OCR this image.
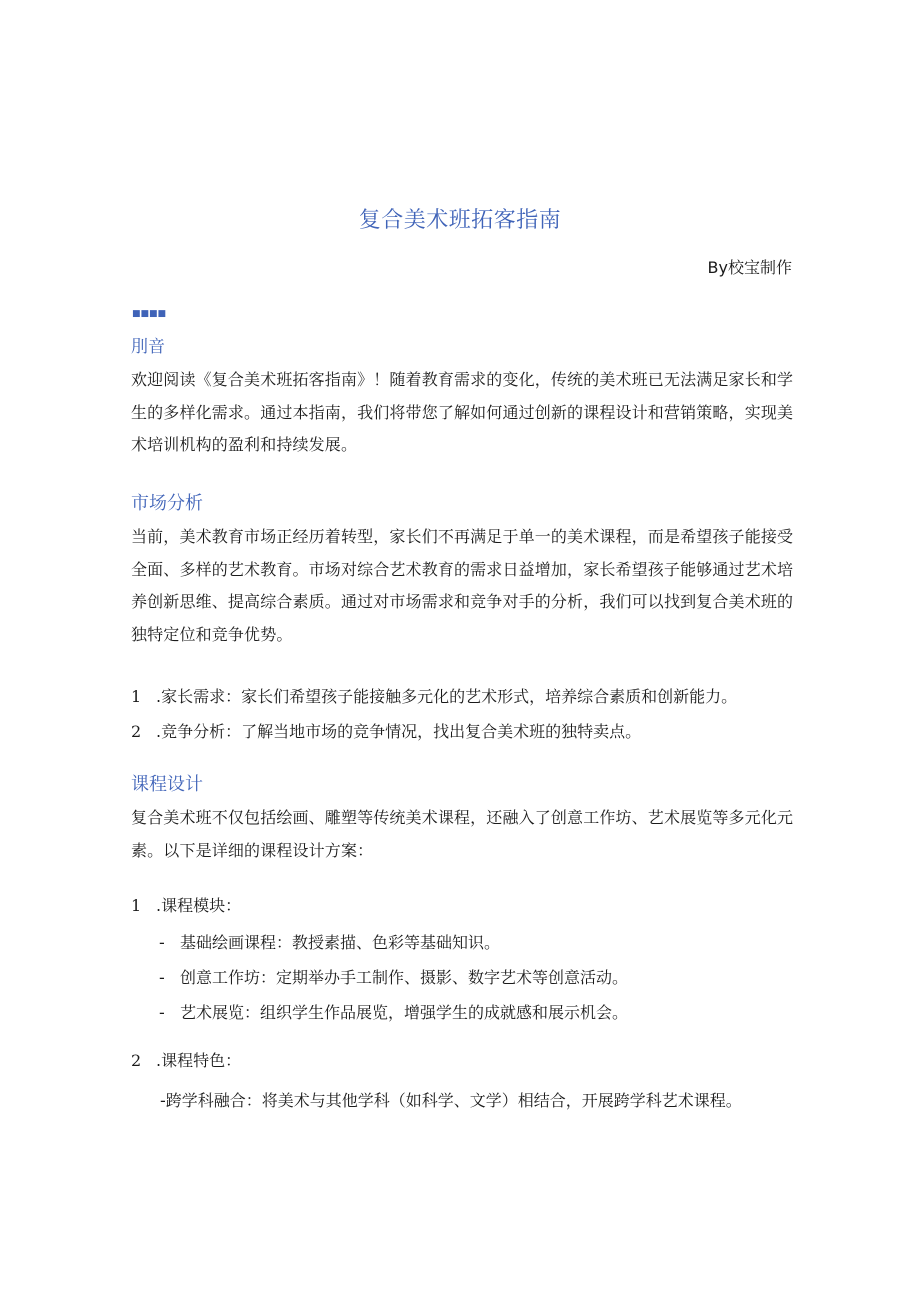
复合美术班拓客指南
By校宝制作
■■■■
刖音
欢迎阅读《复合美术班拓客指南》！随着教育需求的变化，传统的美术班已无法满足家长和学生的多样化需求。通过本指南，我们将带您了解如何通过创新的课程设计和营销策略，实现美术培训机构的盈利和持续发展。
市场分析
当前，美术教育市场正经历着转型，家长们不再满足于单一的美术课程，而是希望孩子能接受全面、多样的艺术教育。市场对综合艺术教育的需求日益增加，家长希望孩子能够通过艺术培养创新思维、提高综合素质。通过对市场需求和竞争对手的分析，我们可以找到复合美术班的独特定位和竞争优势。
1 .家长需求：家长们希望孩子能接触多元化的艺术形式，培养综合素质和创新能力。
2 .竞争分析：了解当地市场的竞争情况，找出复合美术班的独特卖点。
课程设计
复合美术班不仅包括绘画、雕塑等传统美术课程，还融入了创意工作坊、艺术展览等多元化元素。以下是详细的课程设计方案：
1 .课程模块：
- 基础绘画课程：教授素描、色彩等基础知识。
- 创意工作坊：定期举办手工制作、摄影、数字艺术等创意活动。
- 艺术展览：组织学生作品展览，增强学生的成就感和展示机会。
2 .课程特色：
-跨学科融合：将美术与其他学科（如科学、文学）相结合，开展跨学科艺术课程。
